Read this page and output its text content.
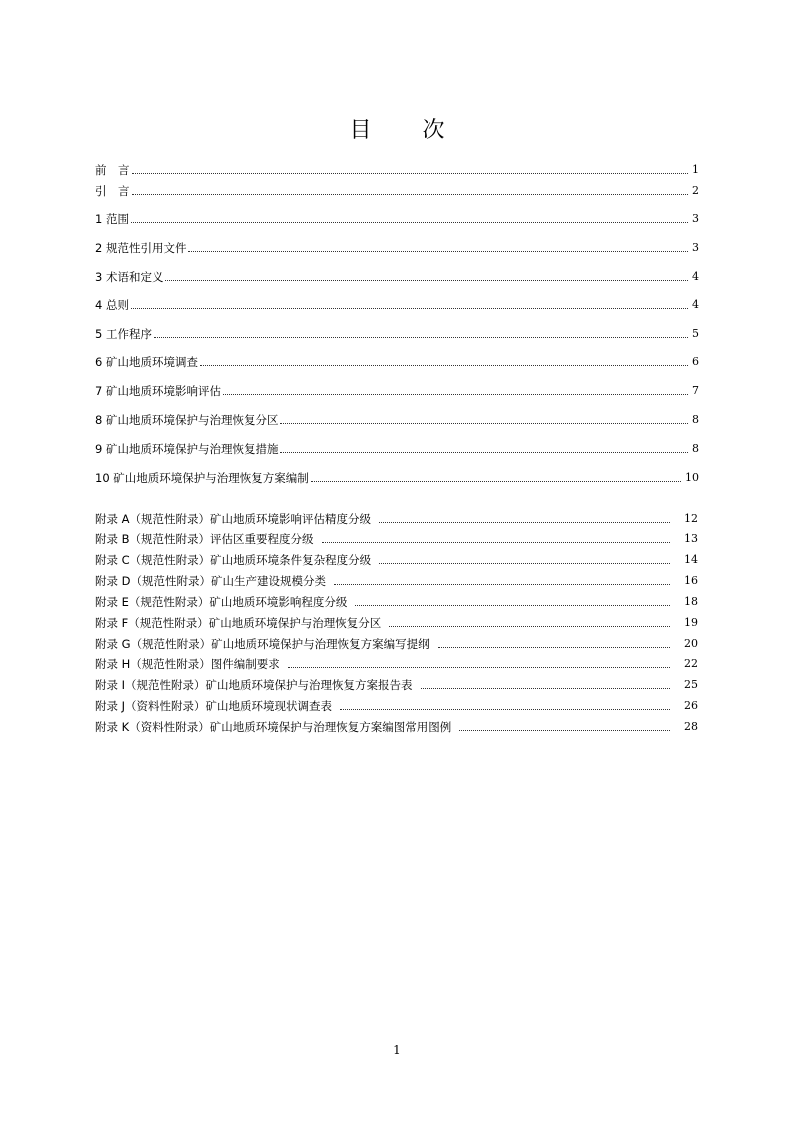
目 次
前　言	1
引　言	2
1 范围	3
2 规范性引用文件	3
3 术语和定义	4
4 总则	4
5 工作程序	5
6 矿山地质环境调查	6
7 矿山地质环境影响评估	7
8 矿山地质环境保护与治理恢复分区	8
9 矿山地质环境保护与治理恢复措施	8
10 矿山地质环境保护与治理恢复方案编制	10
附录 A（规范性附录）矿山地质环境影响评估精度分级	12
附录 B（规范性附录）评估区重要程度分级	13
附录 C（规范性附录）矿山地质环境条件复杂程度分级	14
附录 D（规范性附录）矿山生产建设规模分类	16
附录 E（规范性附录）矿山地质环境影响程度分级	18
附录 F（规范性附录）矿山地质环境保护与治理恢复分区	19
附录 G（规范性附录）矿山地质环境保护与治理恢复方案编写提纲	20
附录 H（规范性附录）图件编制要求	22
附录 I（规范性附录）矿山地质环境保护与治理恢复方案报告表	25
附录 J（资料性附录）矿山地质环境现状调查表	26
附录 K（资料性附录）矿山地质环境保护与治理恢复方案编图常用图例	28
1
